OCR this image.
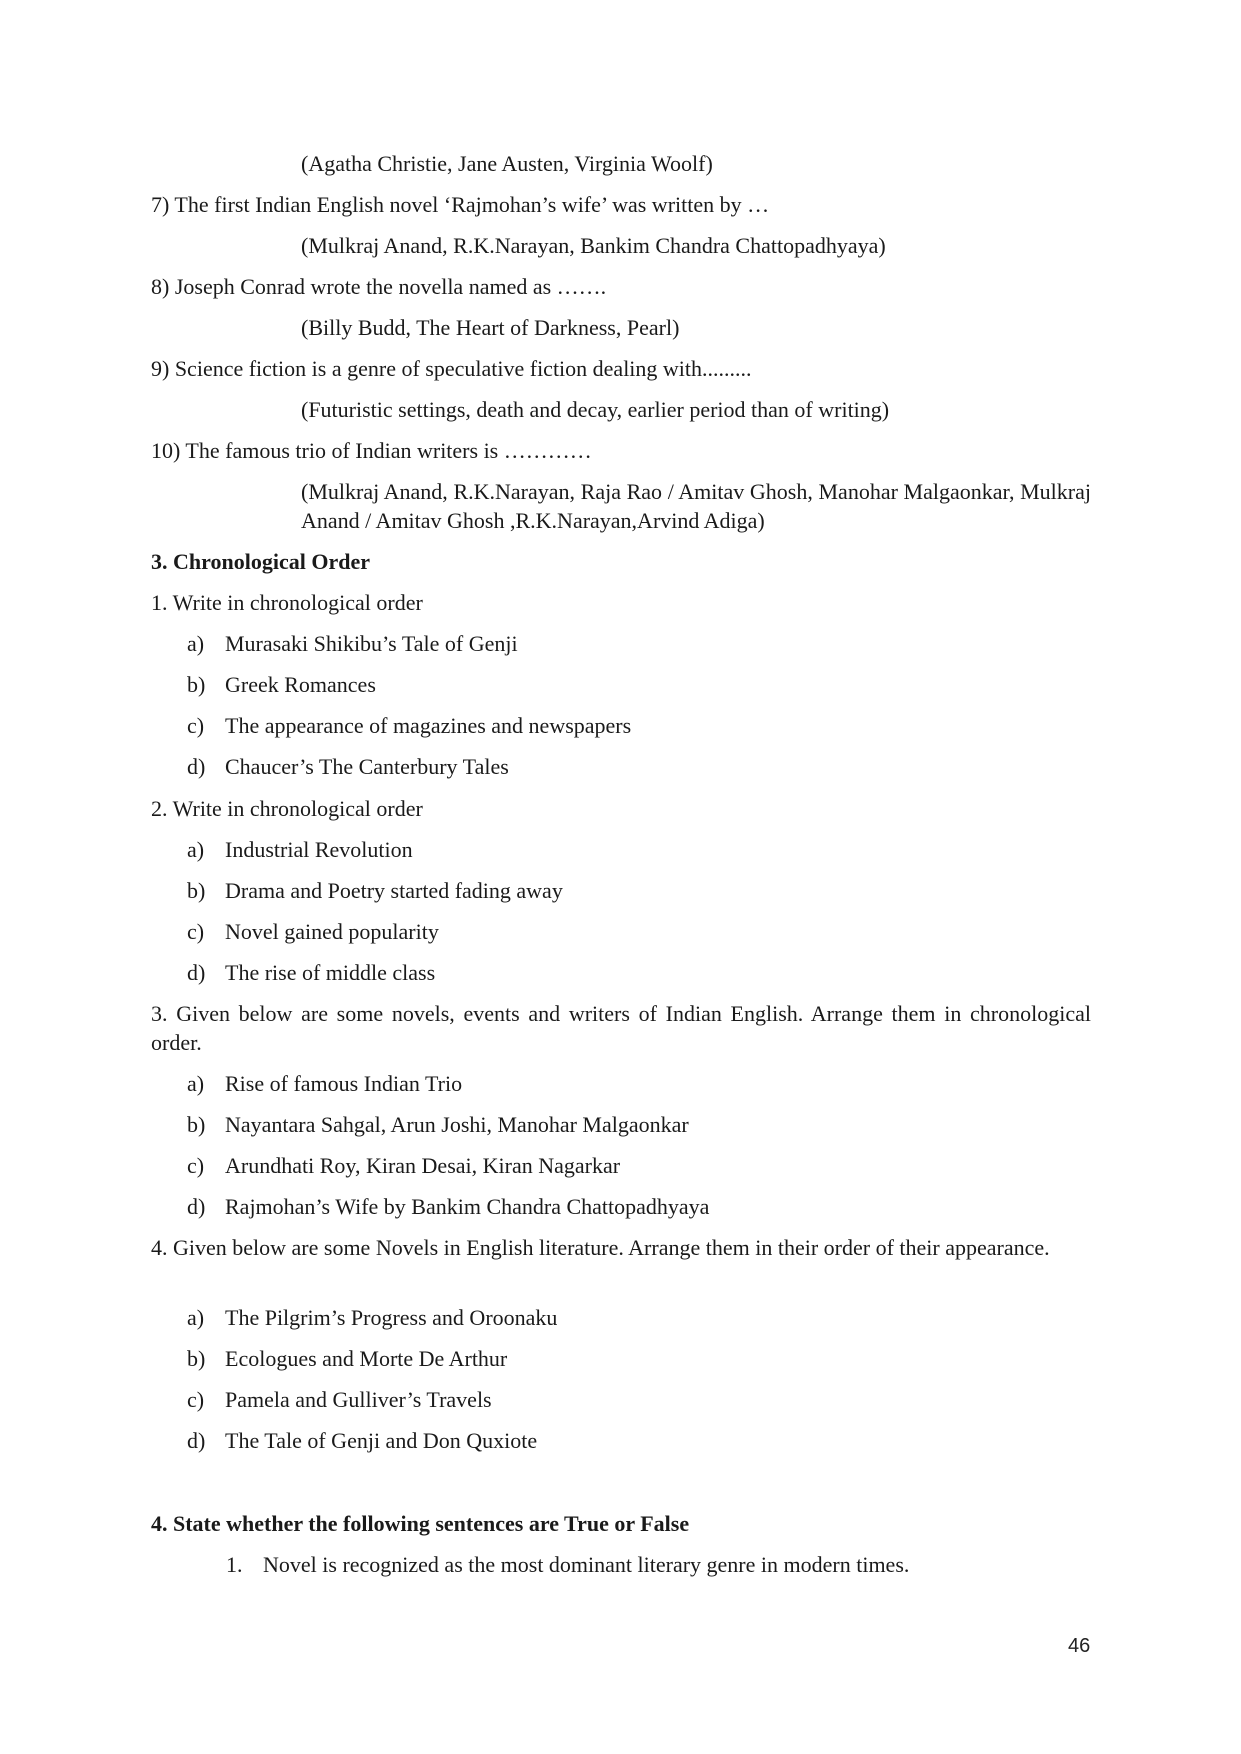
(Agatha Christie, Jane Austen, Virginia Woolf)
7) The first Indian English novel ‘Rajmohan’s wife’ was written by …
(Mulkraj Anand, R.K.Narayan, Bankim Chandra Chattopadhyaya)
8) Joseph Conrad wrote the novella named as …….
(Billy Budd, The Heart of Darkness, Pearl)
9) Science fiction is a genre of speculative fiction dealing with.........
(Futuristic settings, death and decay, earlier period than of writing)
10) The famous trio of Indian writers is …………
(Mulkraj Anand, R.K.Narayan, Raja Rao / Amitav Ghosh, Manohar Malgaonkar, Mulkraj Anand / Amitav Ghosh ,R.K.Narayan,Arvind Adiga)
3. Chronological Order
1. Write in chronological order
a) Murasaki Shikibu’s Tale of Genji
b) Greek Romances
c) The appearance of magazines and newspapers
d) Chaucer’s The Canterbury Tales
2. Write in chronological order
a) Industrial Revolution
b) Drama and Poetry started fading away
c) Novel gained popularity
d) The rise of middle class
3. Given below are some novels, events and writers of Indian English. Arrange them in chronological order.
a) Rise of famous Indian Trio
b) Nayantara Sahgal, Arun Joshi, Manohar Malgaonkar
c) Arundhati Roy, Kiran Desai, Kiran Nagarkar
d) Rajmohan’s Wife by Bankim Chandra Chattopadhyaya
4. Given below are some Novels in English literature. Arrange them in their order of their appearance.
a) The Pilgrim’s Progress and Oroonaku
b) Ecologues and Morte De Arthur
c) Pamela and Gulliver’s Travels
d) The Tale of Genji and Don Quxiote
4. State whether the following sentences are True or False
1. Novel is recognized as the most dominant literary genre in modern times.
46
